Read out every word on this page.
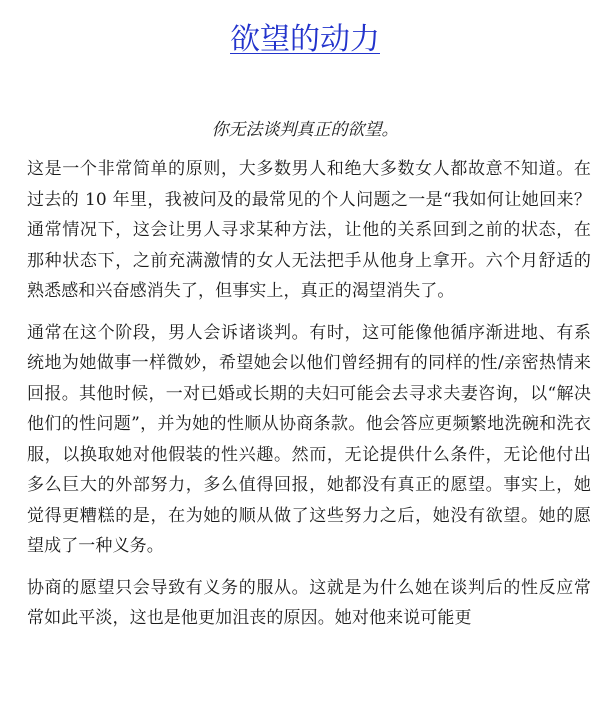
欲望的动力

你无法谈判真正的欲望。

这是一个非常简单的原则，大多数男人和绝大多数女人都故意不知道。在过去的 10 年里，我被问及的最常见的个人问题之一是“我如何让她回来？通常情况下，这会让男人寻求某种方法，让他的关系回到之前的状态，在那种状态下，之前充满激情的女人无法把手从他身上拿开。六个月舒适的熟悉感和兴奋感消失了，但事实上，真正的渴望消失了。

通常在这个阶段，男人会诉诸谈判。有时，这可能像他循序渐进地、有系统地为她做事一样微妙，希望她会以他们曾经拥有的同样的性/亲密热情来回报。其他时候，一对已婚或长期的夫妇可能会去寻求夫妻咨询，以“解决他们的性问题”，并为她的性顺从协商条款。他会答应更频繁地洗碗和洗衣服，以换取她对他假装的性兴趣。然而，无论提供什么条件，无论他付出多么巨大的外部努力，多么值得回报，她都没有真正的愿望。事实上，她觉得更糟糕的是，在为她的顺从做了这些努力之后，她没有欲望。她的愿望成了一种义务。

协商的愿望只会导致有义务的服从。这就是为什么她在谈判后的性反应常常如此平淡，这也是他更加沮丧的原因。她对他来说可能更
